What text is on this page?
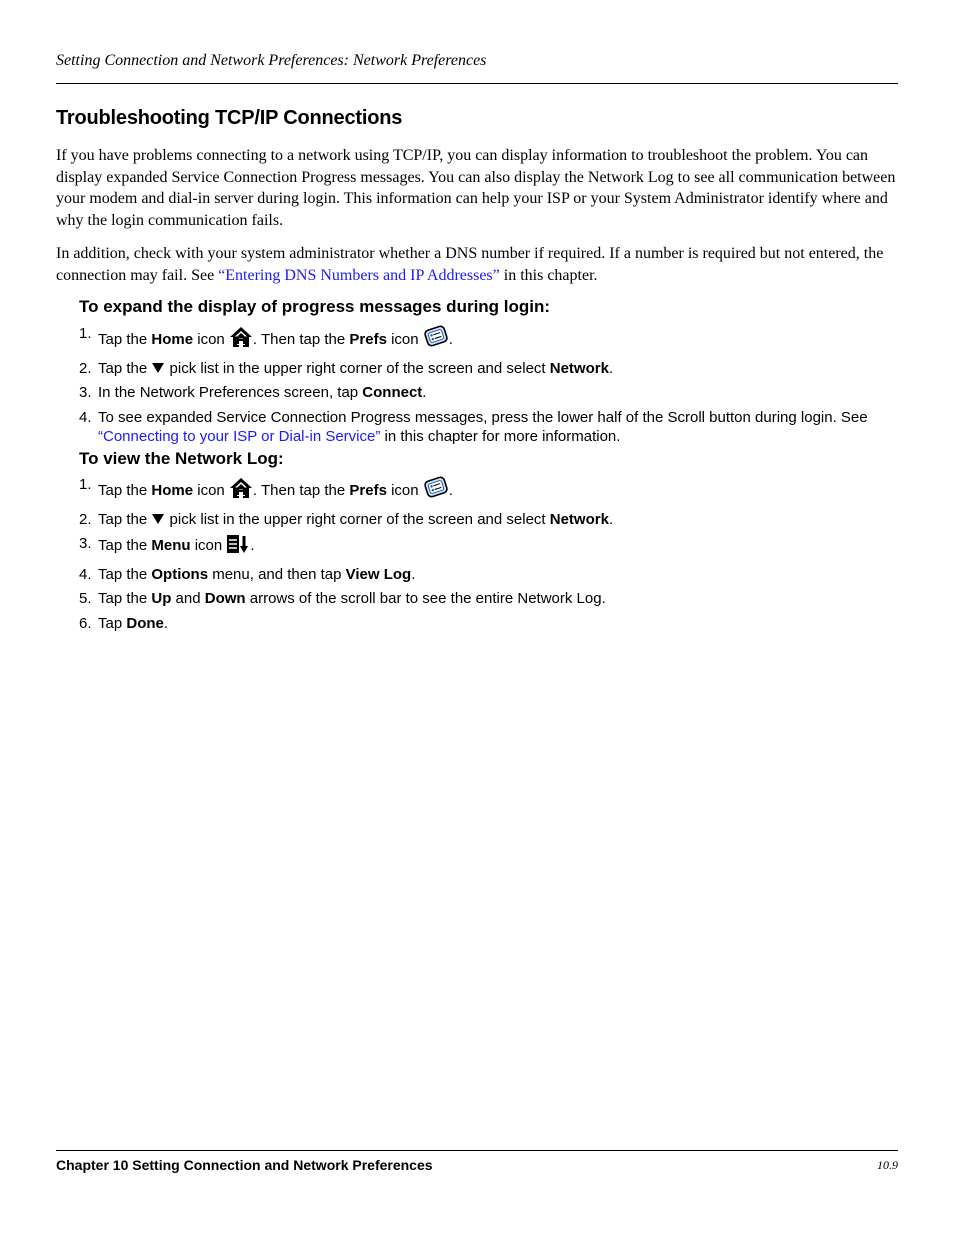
Setting Connection and Network Preferences: Network Preferences
Troubleshooting TCP/IP Connections

If you have problems connecting to a network using TCP/IP, you can display information to troubleshoot the problem. You can display expanded Service Connection Progress messages. You can also display the Network Log to see all communication between your modem and dial-in server during login. This information can help your ISP or your System Administrator identify where and why the login communication fails.

In addition, check with your system administrator whether a DNS number if required. If a number is required but not entered, the connection may fail. See “Entering DNS Numbers and IP Addresses” in this chapter.

To expand the display of progress messages during login:
1. Tap the Home icon . Then tap the Prefs icon .
2. Tap the  pick list in the upper right corner of the screen and select Network.
3. In the Network Preferences screen, tap Connect.
4. To see expanded Service Connection Progress messages, press the lower half of the Scroll button during login. See “Connecting to your ISP or Dial-in Service” in this chapter for more information.
To view the Network Log:
1. Tap the Home icon . Then tap the Prefs icon .
2. Tap the  pick list in the upper right corner of the screen and select Network.
3. Tap the Menu icon .
4. Tap the Options menu, and then tap View Log.
5. Tap the Up and Down arrows of the scroll bar to see the entire Network Log.
6. Tap Done.
Chapter 10 Setting Connection and Network Preferences	10.9
